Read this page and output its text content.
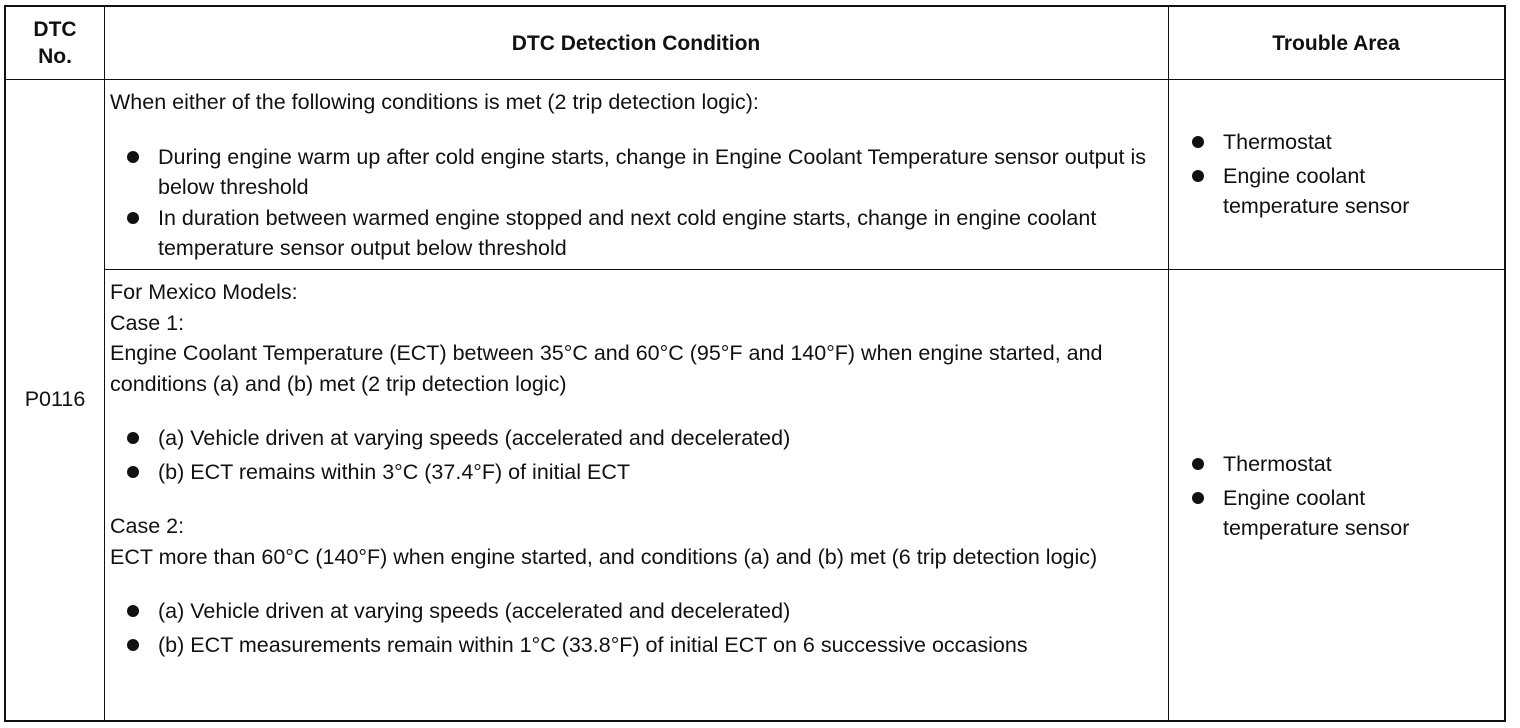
DTC No.
DTC Detection Condition	Trouble Area
P0116
When either of the following conditions is met (2 trip detection logic):
During engine warm up after cold engine starts, change in Engine Coolant Temperature sensor output is below threshold
In duration between warmed engine stopped and next cold engine starts, change in engine coolant temperature sensor output below threshold
Thermostat
Engine coolant temperature sensor
For Mexico Models:
Case 1:
Engine Coolant Temperature (ECT) between 35°C and 60°C (95°F and 140°F) when engine started, and conditions (a) and (b) met (2 trip detection logic)
(a) Vehicle driven at varying speeds (accelerated and decelerated)
(b) ECT remains within 3°C (37.4°F) of initial ECT
Case 2:
ECT more than 60°C (140°F) when engine started, and conditions (a) and (b) met (6 trip detection logic)
(a) Vehicle driven at varying speeds (accelerated and decelerated)
(b) ECT measurements remain within 1°C (33.8°F) of initial ECT on 6 successive occasions
Thermostat
Engine coolant temperature sensor
